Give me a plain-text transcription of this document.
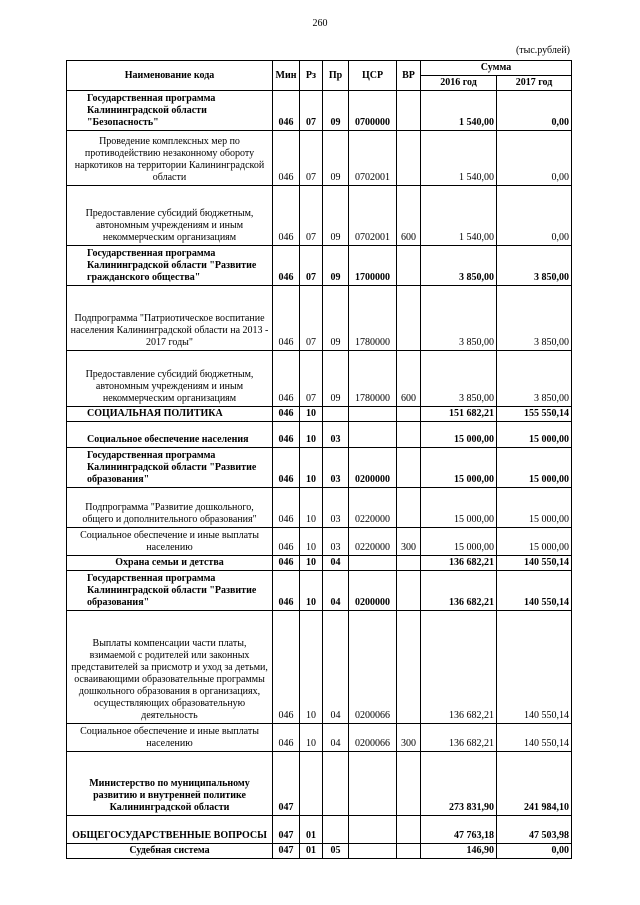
260
(тыс.рублей)
Наименование кода	Мин	Рз	Пр	ЦСР	ВР	Сумма	
						2016 год	2017 год
Государственная программа Калининградской области "Безопасность"	046	07	09	0700000		1 540,00	0,00
Проведение комплексных мер по противодействию незаконному обороту наркотиков на территории Калининградской области	046	07	09	0702001		1 540,00	0,00
Предоставление субсидий бюджетным, автономным учреждениям и иным некоммерческим организациям	046	07	09	0702001	600	1 540,00	0,00
Государственная программа Калининградской области "Развитие гражданского общества"	046	07	09	1700000		3 850,00	3 850,00
Подпрограмма "Патриотическое воспитание населения Калининградской области на 2013 - 2017 годы"	046	07	09	1780000		3 850,00	3 850,00
Предоставление субсидий бюджетным, автономным учреждениям и иным некоммерческим организациям	046	07	09	1780000	600	3 850,00	3 850,00
СОЦИАЛЬНАЯ ПОЛИТИКА	046	10				151 682,21	155 550,14
Социальное обеспечение населения	046	10	03			15 000,00	15 000,00
Государственная программа Калининградской области "Развитие образования"	046	10	03	0200000		15 000,00	15 000,00
Подпрограмма "Развитие дошкольного, общего и дополнительного образования"	046	10	03	0220000		15 000,00	15 000,00
Социальное обеспечение и иные выплаты населению	046	10	03	0220000	300	15 000,00	15 000,00
Охрана семьи и детства	046	10	04			136 682,21	140 550,14
Государственная программа Калининградской области "Развитие образования"	046	10	04	0200000		136 682,21	140 550,14
Выплаты компенсации части платы, взимаемой с родителей или законных представителей за присмотр и уход за детьми, осваивающими образовательные программы дошкольного образования в организациях, осуществляющих образовательную деятельность	046	10	04	0200066		136 682,21	140 550,14
Социальное обеспечение и иные выплаты населению	046	10	04	0200066	300	136 682,21	140 550,14
Министерство по муниципальному развитию и внутренней политике Калининградской области	047					273 831,90	241 984,10
ОБЩЕГОСУДАРСТВЕННЫЕ ВОПРОСЫ	047	01				47 763,18	47 503,98
Судебная система	047	01	05			146,90	0,00
